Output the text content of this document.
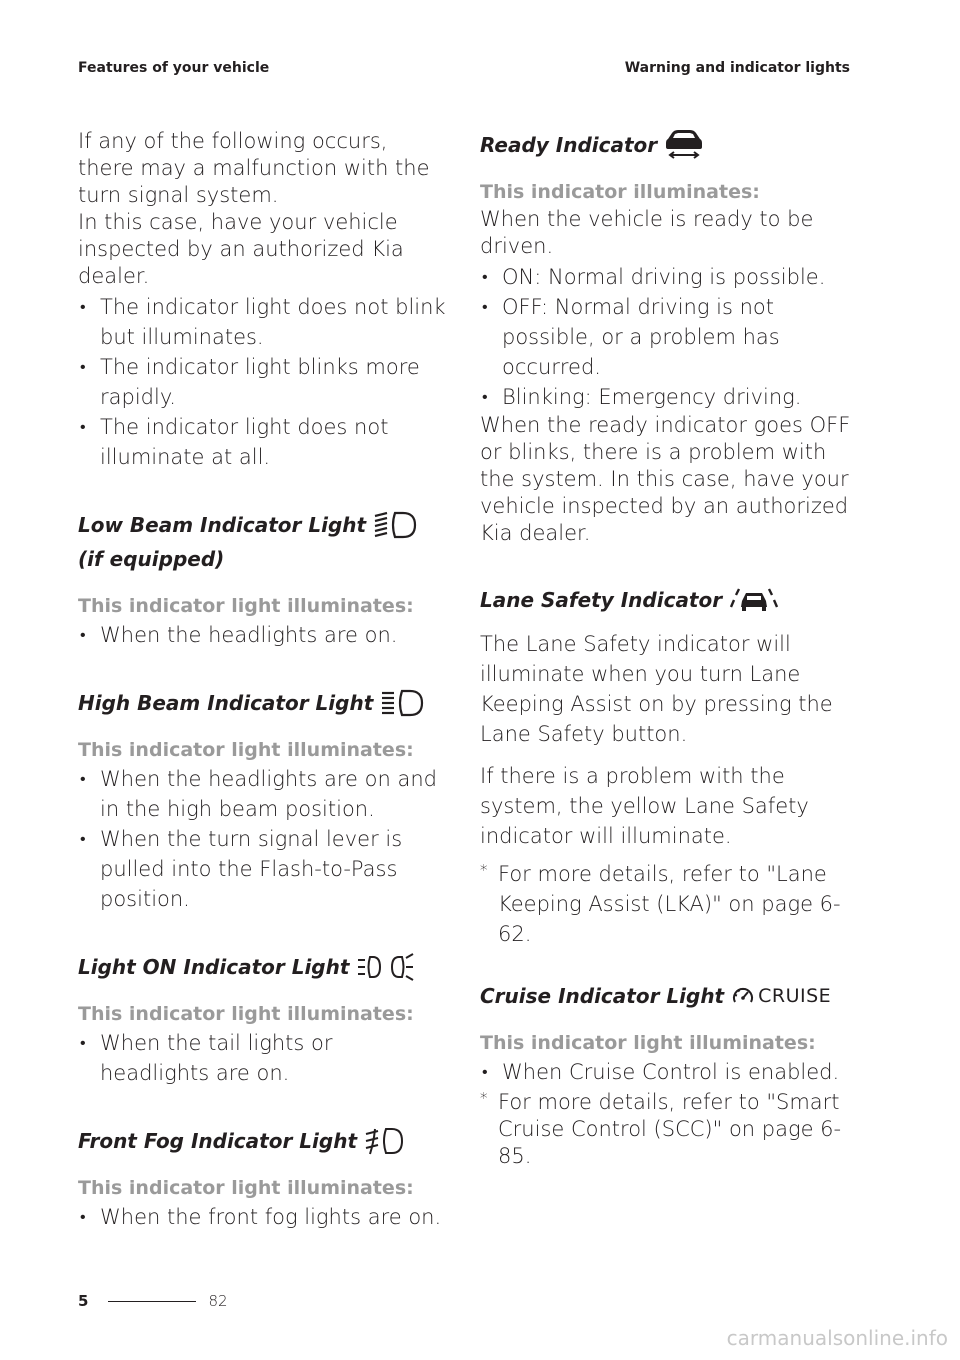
Features of your vehicle	Warning and indicator lights

If any of the following occurs, there may a malfunction with the turn signal system.

In this case, have your vehicle inspected by an authorized Kia dealer.

• The indicator light does not blink but illuminates.
• The indicator light blinks more rapidly.
• The indicator light does not illuminate at all.
Low Beam Indicator Light
(if equipped)
This indicator light illuminates:
• When the headlights are on.
High Beam Indicator Light
This indicator light illuminates:
• When the headlights are on and in the high beam position.
• When the turn signal lever is pulled into the Flash-to-Pass position.
Light ON Indicator Light
This indicator light illuminates:
• When the tail lights or headlights are on.
Front Fog Indicator Light
This indicator light illuminates:
• When the front fog lights are on.
Ready Indicator
This indicator illuminates:

When the vehicle is ready to be driven.

• ON: Normal driving is possible.
• OFF: Normal driving is not possible, or a problem has occurred.
• Blinking: Emergency driving.

When the ready indicator goes OFF or blinks, there is a problem with the system. In this case, have your vehicle inspected by an authorized Kia dealer.

Lane Safety Indicator

The Lane Safety indicator will illuminate when you turn Lane Keeping Assist on by pressing the Lane Safety button.

If there is a problem with the system, the yellow Lane Safety indicator will illuminate.

* For more details, refer to "Lane Keeping Assist (LKA)" on page 6-62.
Cruise Indicator Light CRUISE
This indicator light illuminates:
• When Cruise Control is enabled.
* For more details, refer to "Smart Cruise Control (SCC)" on page 6-85.
5	82
carmanualsonline.info
